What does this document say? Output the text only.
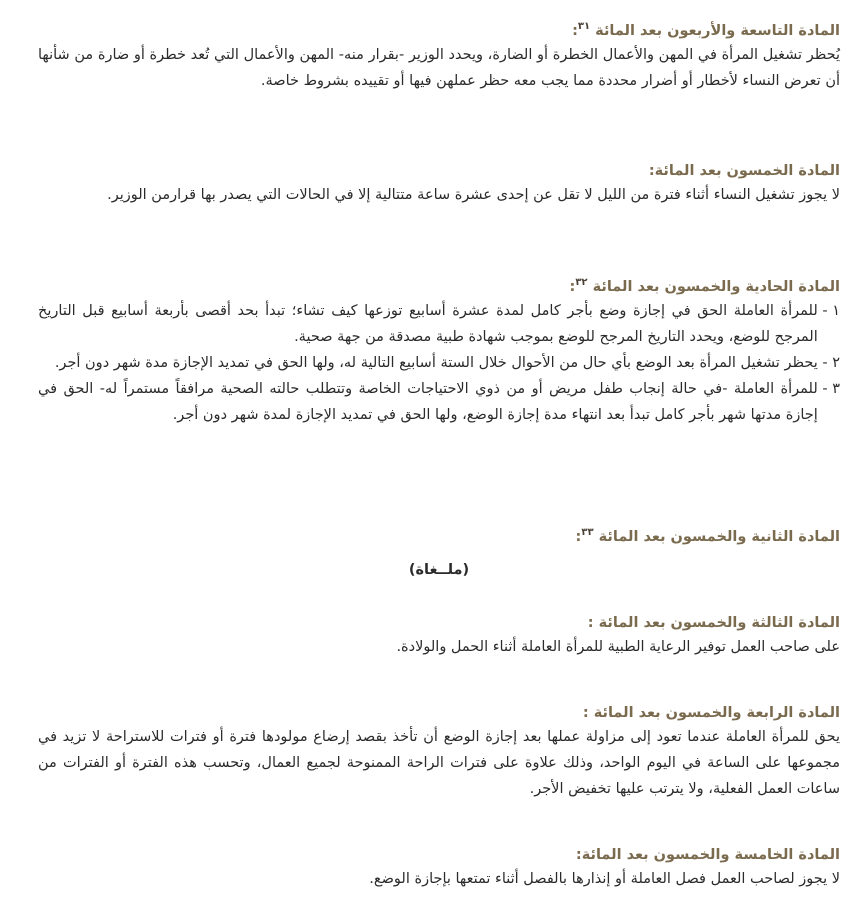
المادة التاسعة والأربعون بعد المائة $^{٣١}$:

يُحظر تشغيل المرأة في المهن والأعمال الخطرة أو الضارة، ويحدد الوزير -بقرار منه- المهن والأعمال التي تُعد خطرة أو ضارة من شأنها أن تعرض النساء لأخطار أو أضرار محددة مما يجب معه حظر عملهن فيها أو تقييده بشروط خاصة.

المادة الخمسون بعد المائة:

لا يجوز تشغيل النساء أثناء فترة من الليل لا تقل عن إحدى عشرة ساعة متتالية إلا في الحالات التي يصدر بها قرارمن الوزير.

المادة الحادية والخمسون بعد المائة $^{٣٢}$:
١ -

للمرأة العاملة الحق في إجازة وضع بأجر كامل لمدة عشرة أسابيع توزعها كيف تشاء؛ تبدأ بحد أقصى بأربعة أسابيع قبل التاريخ المرجح للوضع، ويحدد التاريخ المرجح للوضع بموجب شهادة طبية مصدقة من جهة صحية.
٢ -

يحظر تشغيل المرأة بعد الوضع بأي حال من الأحوال خلال الستة أسابيع التالية له، ولها الحق في تمديد الإجازة مدة شهر دون أجر.
٣ -

للمرأة العاملة -في حالة إنجاب طفل مريض أو من ذوي الاحتياجات الخاصة وتتطلب حالته الصحية مرافقاً مستمراً له- الحق في إجازة مدتها شهر بأجر كامل تبدأ بعد انتهاء مدة إجازة الوضع، ولها الحق في تمديد الإجازة لمدة شهر دون أجر.
المادة الثانية والخمسون بعد المائة $^{٣٣}$:
(ملــغاة)
المادة الثالثة والخمسون بعد المائة :

على صاحب العمل توفير الرعاية الطبية للمرأة العاملة أثناء الحمل والولادة.

المادة الرابعة والخمسون بعد المائة :

يحق للمرأة العاملة عندما تعود إلى مزاولة عملها بعد إجازة الوضع أن تأخذ بقصد إرضاع مولودها فترة أو فترات للاستراحة لا تزيد في مجموعها على الساعة في اليوم الواحد، وذلك علاوة على فترات الراحة الممنوحة لجميع العمال، وتحسب هذه الفترة أو الفترات من ساعات العمل الفعلية، ولا يترتب عليها تخفيض الأجر.

المادة الخامسة والخمسون بعد المائة:

لا يجوز لصاحب العمل فصل العاملة أو إنذارها بالفصل أثناء تمتعها بإجازة الوضع.
